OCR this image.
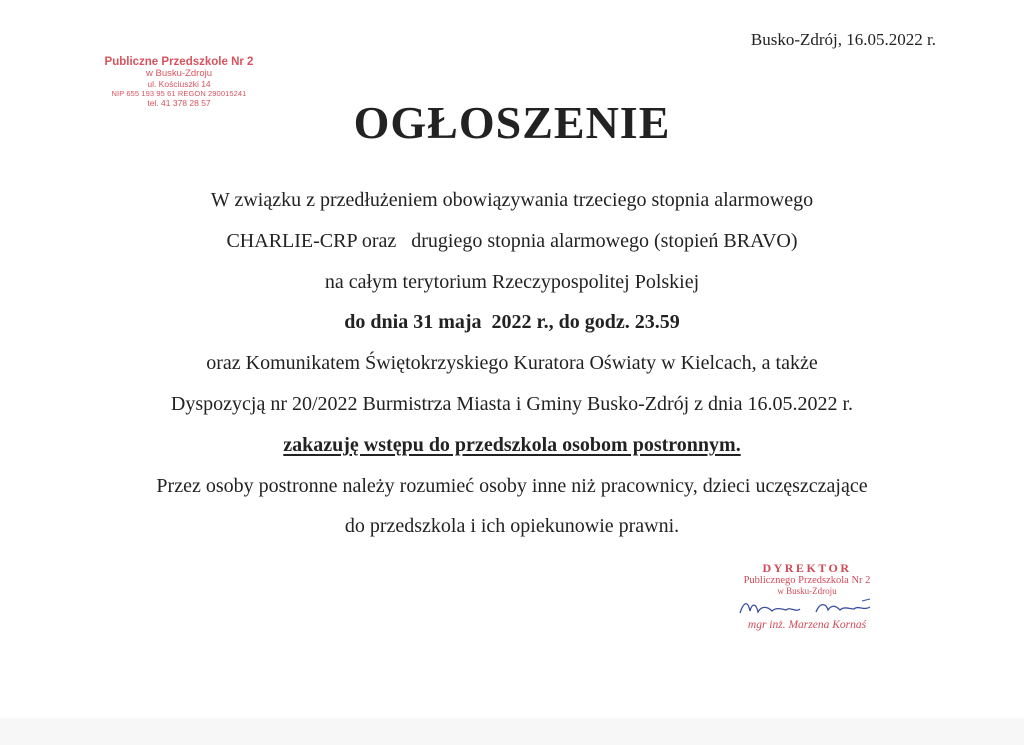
Busko-Zdrój, 16.05.2022 r.
Publiczne Przedszkole Nr 2
w Busku-Zdroju
ul. Kościuszki 14
NIP 655 193 95 61 REGON 290015241
tel. 41 378 28 57	OGŁOSZENIE
W związku z przedłużeniem obowiązywania trzeciego stopnia alarmowego
CHARLIE-CRP oraz   drugiego stopnia alarmowego (stopień BRAVO)
na całym terytorium Rzeczypospolitej Polskiej
do dnia 31 maja  2022 r., do godz. 23.59
oraz Komunikatem Świętokrzyskiego Kuratora Oświaty w Kielcach, a także
Dyspozycją nr 20/2022 Burmistrza Miasta i Gminy Busko-Zdrój z dnia 16.05.2022 r.
zakazuję wstępu do przedszkola osobom postronnym.
Przez osoby postronne należy rozumieć osoby inne niż pracownicy, dzieci uczęszczające
do przedszkola i ich opiekunowie prawni.
DYREKTOR
Publicznego Przedszkola Nr 2
w Busku-Zdroju
mgr inż. Marzena Kornaś
